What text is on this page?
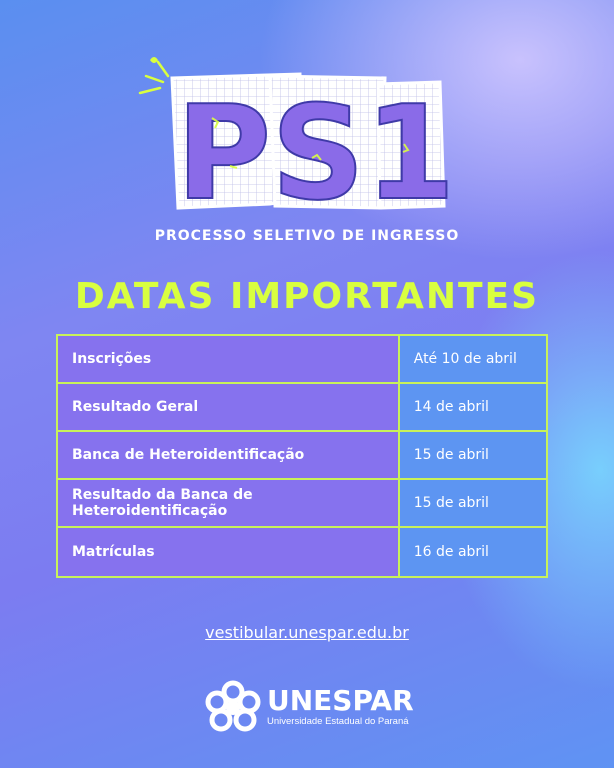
PS1
PROCESSO SELETIVO DE INGRESSO
DATAS IMPORTANTES
Inscrições	Até 10 de abril
Resultado Geral	14 de abril
Banca de Heteroidentificação	15 de abril
Resultado da Banca de Heteroidentificação	15 de abril
Matrículas	16 de abril
vestibular.unespar.edu.br
UNESPAR
Universidade Estadual do Paraná
